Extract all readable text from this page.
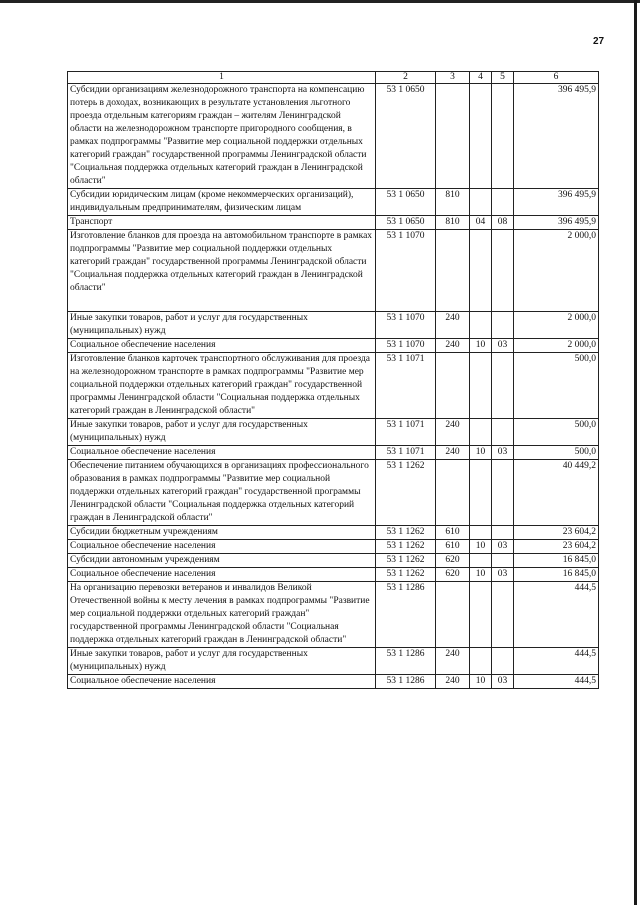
27
1	2	3	4	5	6
Субсидии организациям железнодорожного транспорта на компенсацию потерь в доходах, возникающих в результате установления льготного проезда отдельным категориям граждан – жителям Ленинградской области на железнодорожном транспорте пригородного сообщения, в рамках подпрограммы "Развитие мер социальной поддержки отдельных категорий граждан" государственной программы Ленинградской области "Социальная поддержка отдельных категорий граждан в Ленинградской области"	53 1 0650				396 495,9
Субсидии юридическим лицам (кроме некоммерческих организаций), индивидуальным предпринимателям, физическим лицам	53 1 0650	810			396 495,9
Транспорт	53 1 0650	810	04	08	396 495,9
Изготовление бланков для проезда на автомобильном транспорте в рамках подпрограммы "Развитие мер социальной поддержки отдельных категорий граждан" государственной программы Ленинградской области "Социальная поддержка отдельных категорий граждан в Ленинградской области"	53 1 1070				2 000,0
Иные закупки товаров, работ и услуг для государственных (муниципальных) нужд	53 1 1070	240			2 000,0
Социальное обеспечение населения	53 1 1070	240	10	03	2 000,0
Изготовление бланков карточек транспортного обслуживания для проезда на железнодорожном транспорте в рамках подпрограммы "Развитие мер социальной поддержки отдельных категорий граждан" государственной программы Ленинградской области "Социальная поддержка отдельных категорий граждан в Ленинградской области"	53 1 1071				500,0
Иные закупки товаров, работ и услуг для государственных (муниципальных) нужд	53 1 1071	240			500,0
Социальное обеспечение населения	53 1 1071	240	10	03	500,0
Обеспечение питанием обучающихся в организациях профессионального образования в рамках подпрограммы "Развитие мер социальной поддержки отдельных категорий граждан" государственной программы Ленинградской области "Социальная поддержка отдельных категорий граждан в Ленинградской области"	53 1 1262				40 449,2
Субсидии бюджетным учреждениям	53 1 1262	610			23 604,2
Социальное обеспечение населения	53 1 1262	610	10	03	23 604,2
Субсидии автономным учреждениям	53 1 1262	620			16 845,0
Социальное обеспечение населения	53 1 1262	620	10	03	16 845,0
На организацию перевозки ветеранов и инвалидов Великой Отечественной войны к месту лечения в рамках подпрограммы "Развитие мер социальной поддержки отдельных категорий граждан" государственной программы Ленинградской области "Социальная поддержка отдельных категорий граждан в Ленинградской области"	53 1 1286				444,5
Иные закупки товаров, работ и услуг для государственных (муниципальных) нужд	53 1 1286	240			444,5
Социальное обеспечение населения	53 1 1286	240	10	03	444,5
